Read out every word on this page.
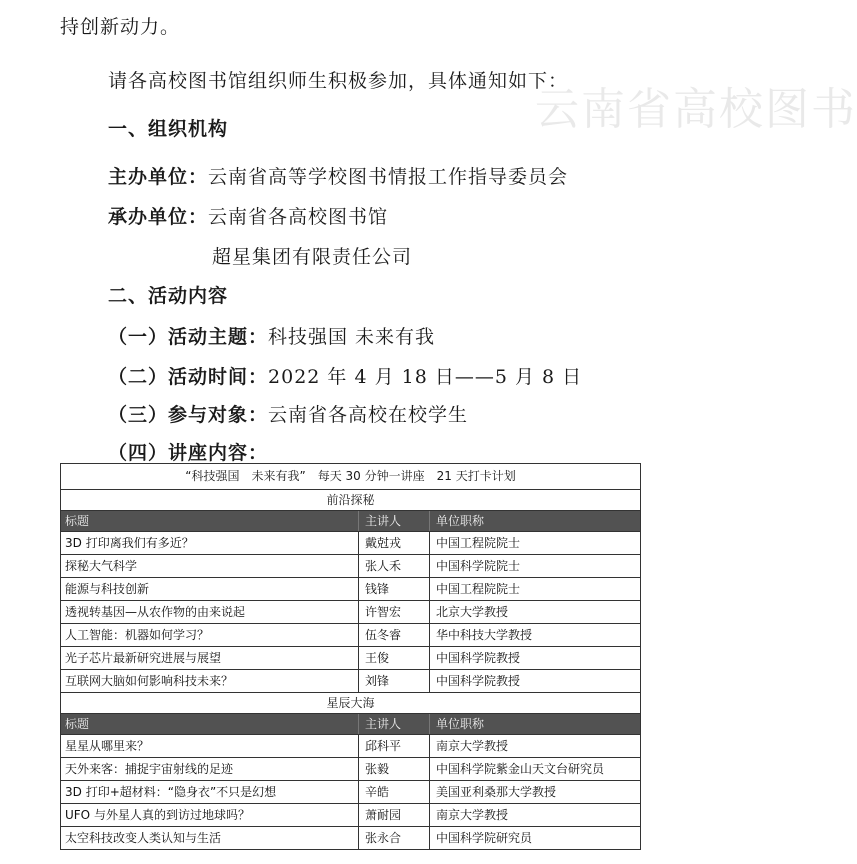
云南省高校图书
持创新动力。
请各高校图书馆组织师生积极参加，具体通知如下：
一、组织机构
主办单位：云南省高等学校图书情报工作指导委员会
承办单位：云南省各高校图书馆
超星集团有限责任公司
二、活动内容
（一）活动主题：科技强国 未来有我
（二）活动时间：2022 年 4 月 18 日——5 月 8 日
（三）参与对象：云南省各高校在校学生
（四）讲座内容：
“科技强国　未来有我”　每天 30 分钟一讲座　21 天打卡计划
前沿探秘
标题	主讲人	单位职称
3D 打印离我们有多近？	戴尅戎	中国工程院院士
探秘大气科学	张人禾	中国科学院院士
能源与科技创新	钱锋	中国工程院院士
透视转基因—从农作物的由来说起	许智宏	北京大学教授
人工智能：机器如何学习？	伍冬睿	华中科技大学教授
光子芯片最新研究进展与展望	王俊	中国科学院教授
互联网大脑如何影响科技未来？	刘锋	中国科学院教授
星辰大海
标题	主讲人	单位职称
星星从哪里来？	邱科平	南京大学教授
天外来客：捕捉宇宙射线的足迹	张毅	中国科学院紫金山天文台研究员
3D 打印+超材料：“隐身衣”不只是幻想	辛皓	美国亚利桑那大学教授
UFO 与外星人真的到访过地球吗？	萧耐园	南京大学教授
太空科技改变人类认知与生活	张永合	中国科学院研究员
